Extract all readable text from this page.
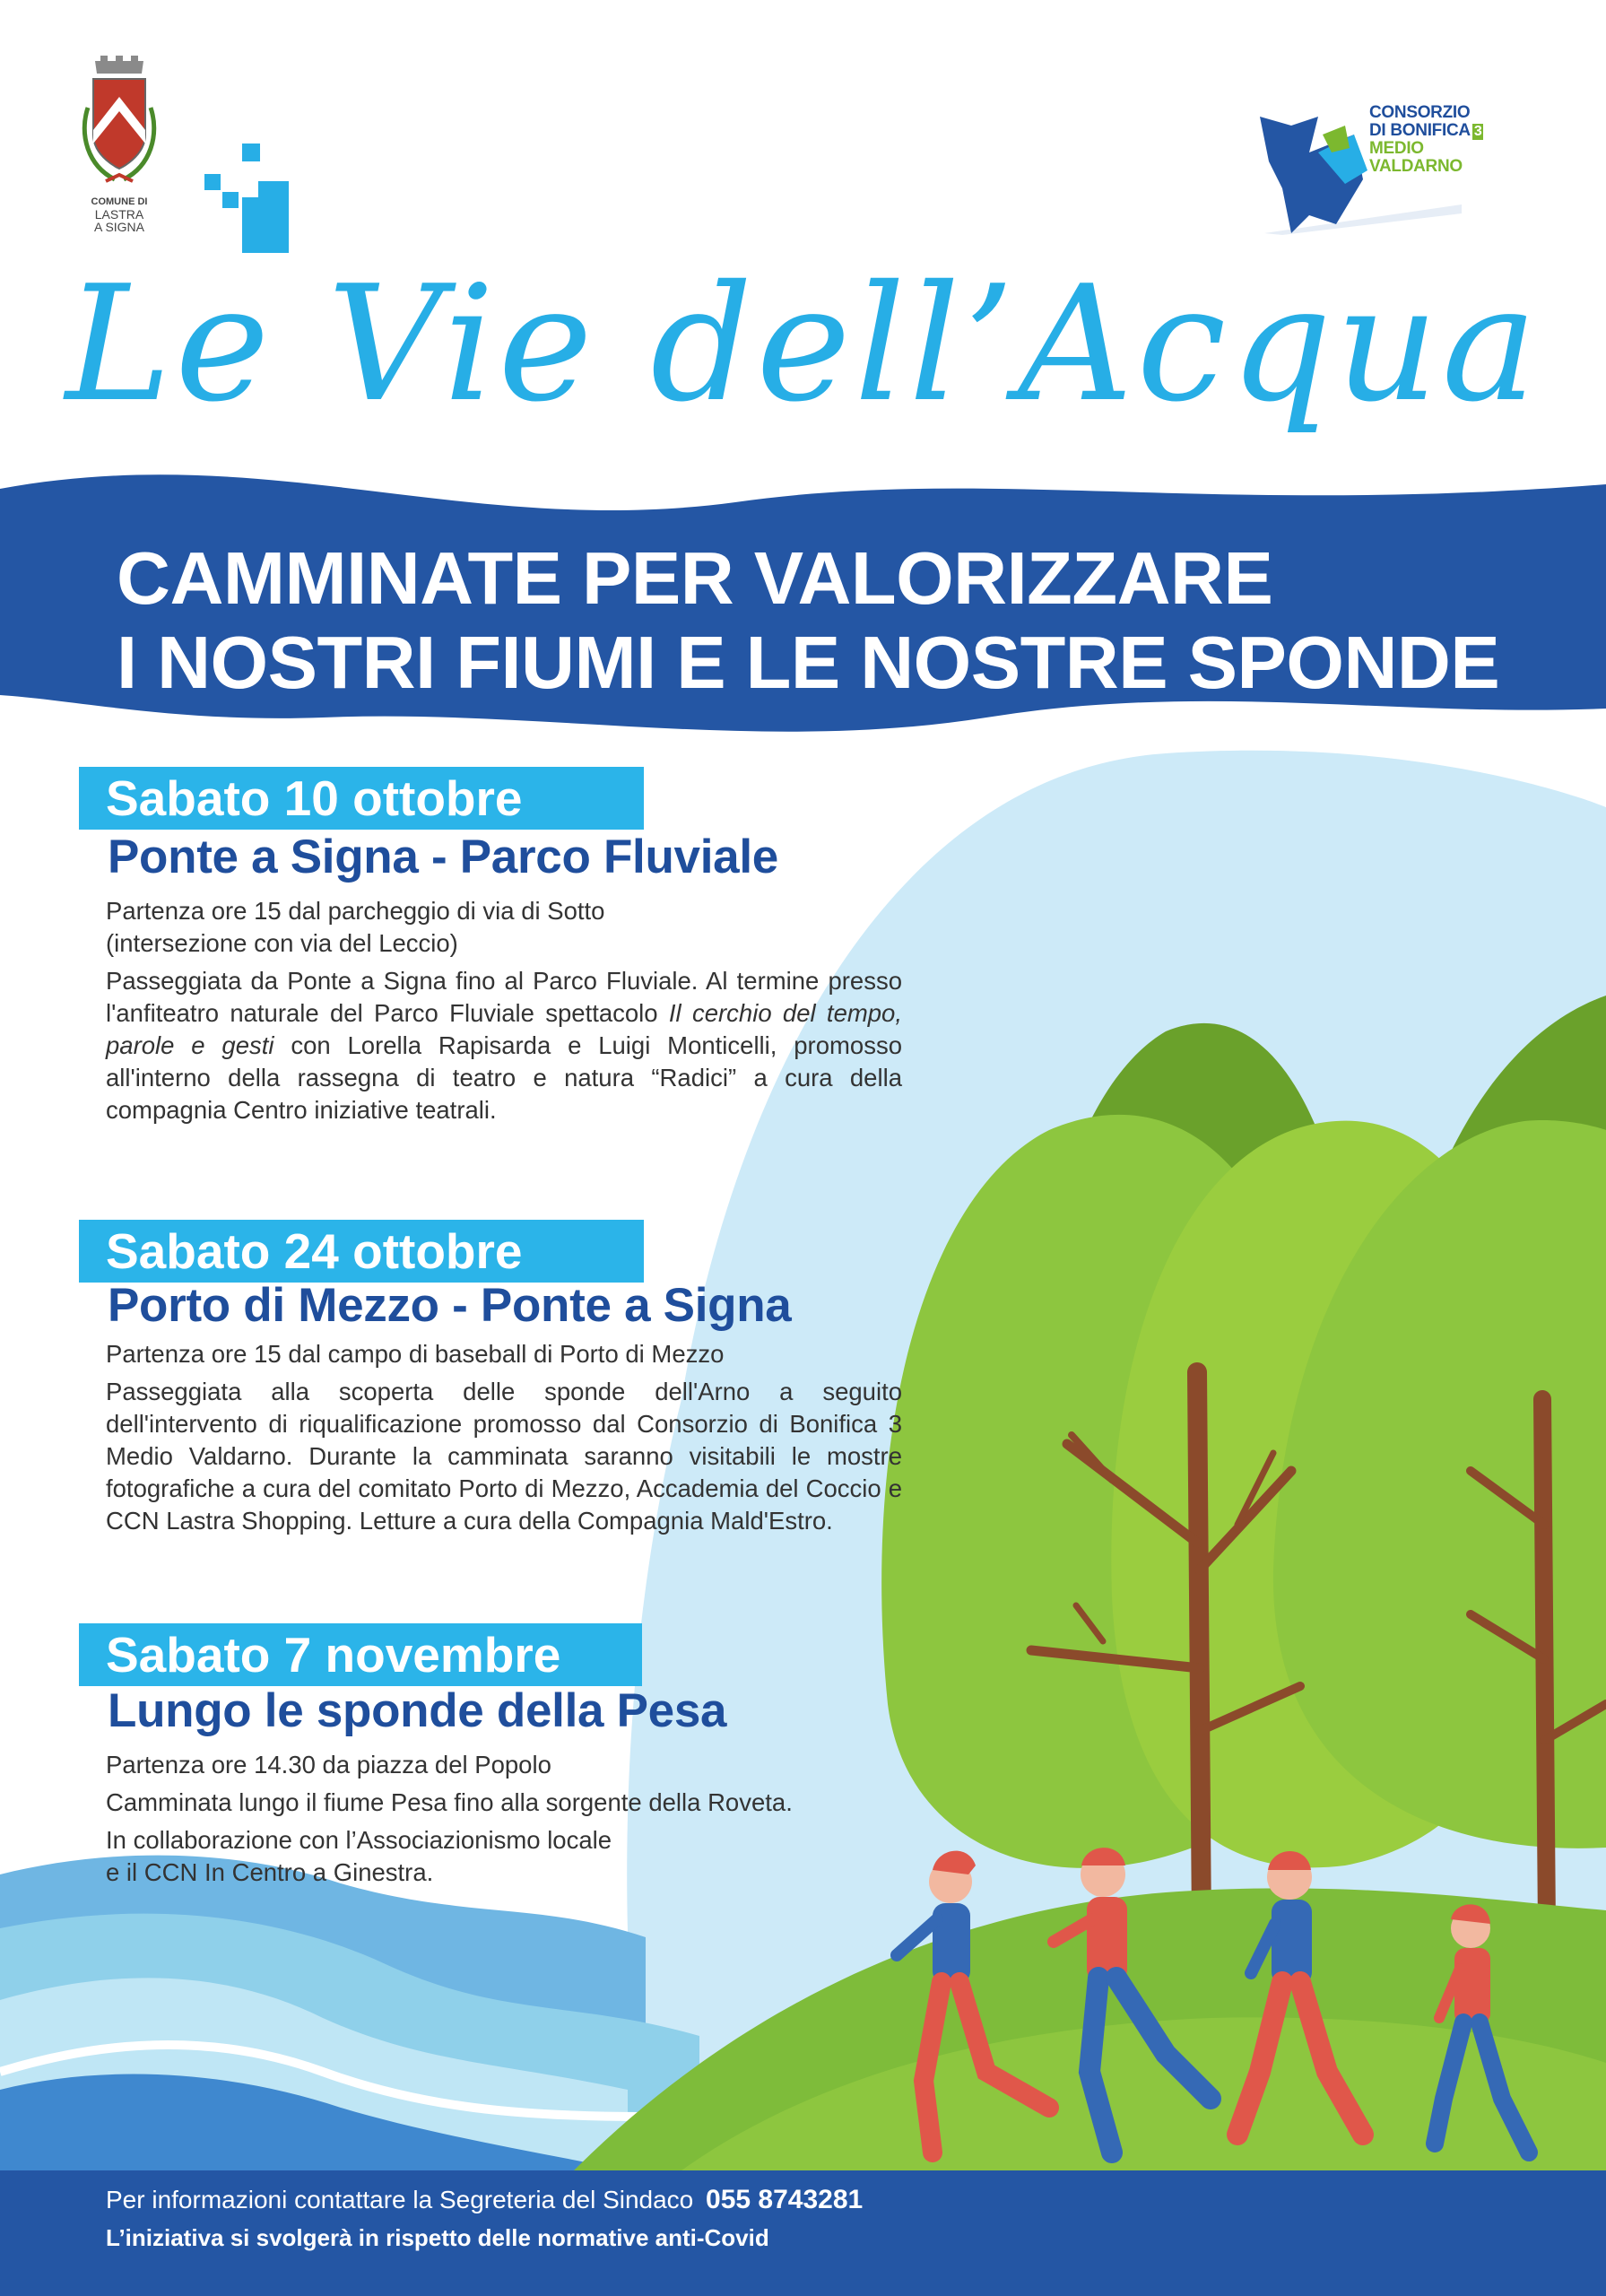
COMUNE DI
LASTRA
A SIGNA
CONSORZIO
DI BONIFICA 3
MEDIO
VALDARNO
Le Vie dell’Acqua
CAMMINATE PER VALORIZZARE
I NOSTRI FIUMI E LE NOSTRE SPONDE
Sabato 10 ottobre
Ponte a Signa - Parco Fluviale

Partenza ore 15 dal parcheggio di via di Sotto (intersezione con via del Leccio)

Passeggiata da Ponte a Signa fino al Parco Fluviale. Al termine presso l'anfiteatro naturale del Parco Fluviale spettacolo Il cerchio del tempo, parole e gesti con Lorella Rapisarda e Luigi Monticelli, promosso all'interno della rassegna di teatro e natura “Radici” a cura della compagnia Centro iniziative teatrali.

Sabato 24 ottobre
Porto di Mezzo - Ponte a Signa

Partenza ore 15 dal campo di baseball di Porto di Mezzo

Passeggiata alla scoperta delle sponde dell'Arno a seguito dell'intervento di riqualificazione promosso dal Consorzio di Bonifica 3 Medio Valdarno. Durante la camminata saranno visitabili le mostre fotografiche a cura del comitato Porto di Mezzo, Accademia del Coccio e CCN Lastra Shopping. Letture a cura della Compagnia Mald'Estro.

Sabato 7 novembre
Lungo le sponde della Pesa

Partenza ore 14.30 da piazza del Popolo

Camminata lungo il fiume Pesa fino alla sorgente della Roveta.

In collaborazione con l’Associazionismo locale
e il CCN In Centro a Ginestra.

Per informazioni contattare la Segreteria del Sindaco 055 8743281
L’iniziativa si svolgerà in rispetto delle normative anti-Covid
